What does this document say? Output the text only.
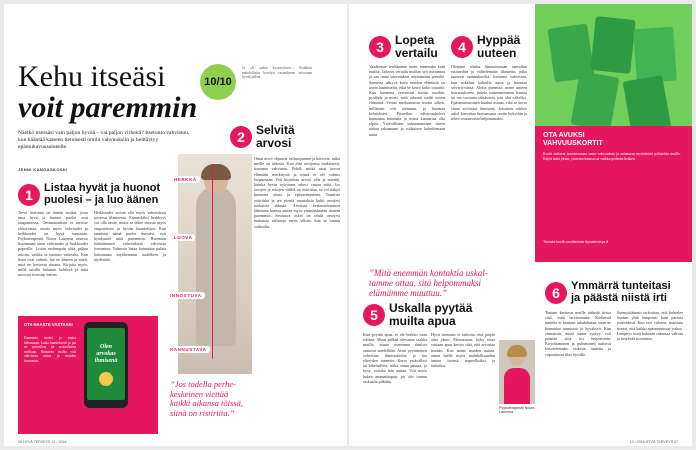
Kehu itseäsi
voit paremmin
Näetkö itsessäsi vain paljon hyvää – vai paljon virheitä? Itsetunto vahvistuu, kun kääntää katseen tietoisesti omiin vahvuuksiin ja heittäytyy epämukavuusalueelle.
JENNI KANGASKOSKI
10/10
Jo yli sadan kysymyksen… Kaikkiin mahdollisiin kyselyn vastaukseen toivotaan hyvää jatkoa.
2 Selvitä
arvosi
Omat arvot ohjaavat valintojamme ja kertovat, mikä meille on tärkeää. Kun elää arvojensa mukaisesti, itsetunto vahvistuu. Pohdi, mitkä asiat tuovat elämääsi merkitystä ja mistä et ole valmis luopumaan. Voit kirjoittaa arvosi ylös ja miettiä, kuinka hyvin nykyinen arkesi vastaa niitä. Jos arvojen ja tekojen välillä on ristiriitaa, se voi näkyä huonona olona ja epävarmuutena. Tunnista ristiriidat ja tee pieniä muutoksia kohti arvojesi mukaista elämää. Arvoista keskusteleminen läheisten kanssa auttaa myös ymmärtämään itseään paremmin. Seuraava askel on tehdä arvojesi mukaisia valintoja myös silloin, kun se tuntuu vaikealta.
HERKKÄ
LUOVA
INNOSTUVA
KANNUSTAVA
1	Listaa hyvät ja huonot
puolesi – ja luo äänen
Terve itsetunto on tämän vuoksi, jossa oma hyvä ja huonot puolet ovat tasapainossa. Ominaisuuksia ei tarvitse ylikorostaa, mutta myös vahvuudet ja heikkoudet on hyvä tunnistaa. Psykoterapeutti Noora Lauerma neuvoo listaamaan omat vahvuudet ja heikkoudet paperille. Listaa molempiin yhtä paljon asioita, vaikka se tuntuisi vaikealta. Kun listat ovat valmiit, lue ne ääneen ja mieti, mitä ne kertovat sinusta. Kirjoita myös, millä tavalla haluaisit kehittyä ja mitä arvostat itsessäsi eniten.
Heikkoudet voivat olla myös vahvuuksia toisessa tilanteessa. Esimerkiksi herkkyys voi olla rasite, mutta se tekee sinusta myös empaattisen ja hyvän kuuntelijan. Kun tunnistat nämä puolet itsessäsi, voit hyödyntää niitä paremmin. Huomion kääntäminen vahvuuksiin vahvistaa itsetuntoa. Valmista listaa kannattaa palata katsomaan myöhemmin uudelleen ja täydentää.
OTA HAASTE VASTAAN!
Kannusta itseäsi ja muita kehumaan. Lataa haastekortit ja jaa ne ystävillesi tai sosiaaliseen mediaan. Haasteen avulla voit vahvistaa omaa ja muiden itsetuntoa.
Olen arvokas ihmisenä
”Jos todella perhe-
keskeinen viettää
kaikki aikansa töissä,
siinä on ristiriita.”
46 HYVÄ TERVEYS 12 / 2016
3 Lopeta
vertailu
Vaadimme itseltämme usein enemmän kuin muilta. Jatkuva vertailu muihin syö itsetuntoa ja saa omat saavutukset näyttämään pieniltä. Somessa näkyvä kuva muiden elämästä on usein kaunisteltu, eikä se kerro koko totuutta. Kun huomaat vertaavasi itseäsi muihin, pysähdy ja mieti, mitä oikeasti tiedät toisen elämästä. Vertaa mieluummin itseäsi siihen, millainen olit aiemmin, ja huomaa kehityksesi. Pienetkin edistysaskeleet kannattaa huomata ja niistä kannattaa olla ylpeä. Ystävällinen suhtautuminen itseen auttaa jaksamaan ja rohkaisee kokeilemaan uutta.
4 Hyppää
uuteen
Olemme alttiita liimautumaan samoihin rutiineihin ja välttelemään tilanteita, jotka tuntuvat epämukavilta. Itsetunto vahvistuu, kun uskaltaa kokeilla uutta ja huomaa selviytyvänsä. Aloita pienestä: mene uuteen harrastukseen, juttele tuntemattoman kanssa tai ota vastuuta tehtävästä, jota olet vältellyt. Epäonnistuminen kuuluu asiaan, eikä se kerro sinun arvostasi ihmisenä. Jokainen rohkea askel kasvattaa luottamusta omiin kykyihin ja tekee seuraavasta helpommaksi.
OTA AVUKSI VAHVUUSKORTIT
Kortit auttavat tunnistamaan omia vahvuuksia ja antamaan myönteistä palautetta muille. Käytä niitä yksin, ystävien kanssa tai vaikka perheen kesken.
Tulosta kortit osoitteesta hyvaterveys.fi
”Mitä enemmän kontaktia uskal-
tamme ottaa, sitä helpommaksi
elämämme muuttuu.”
5 Uskalla pyytää
muilta apua
Kun pyydät apua, et ole heikko vaan rohkea. Moni pelkää olevansa taakka muille, mutta useimmat ihmiset auttavat mielellään. Avun pyytäminen vahvistaa ihmissuhteita ja luo yhteyden tunnetta. Kerro ystävällesi tai läheisellesi, mikä sinua painaa, ja kysy, voisiko hän auttaa. Voit myös hakea ammattiapua, jos olo tuntuu raskaalta pitkään.
Hyvä itsetunto ei tarkoita, että pärjää aina yksin. Päinvastoin, kyky ottaa vastaan apua kertoo siitä, että arvostaa itseään. Kun annat muiden auttaa, annat heille myös mahdollisuuden tuntea itsensä tarpeellisiksi ja tärkeiksi.
Psykoterapeutti Noora Lauerma
6	Ymmärrä tunteitasi
ja päästä niistä irti
Tunteet kertovat meille tärkeää tietoa siitä, mitä tarvitsemme. Kielteisiä tunteita ei kannata tukahduttaa, vaan ne kannattaa tunnistaa ja hyväksyä. Kun ymmärrät, mistä tunne syntyy, voit päästää siitä irti helpommin. Kirjoittaminen ja puhuminen auttavat käsittelemään vaikeita tunteita ja vapauttavat tilaa hyvälle.
Itsemyötätunto tarkoittaa, että kohtelee itseään yhtä lempeästi kuin parasta ystäväänsä. Kun teet virheen, muistuta itseäsi, että kaikki epäonnistuvat joskus. Lempeys itseä kohtaan rakentaa vahvaa ja kestävää itsetuntoa.
12 / 2016 HYVÄ TERVEYS 47
